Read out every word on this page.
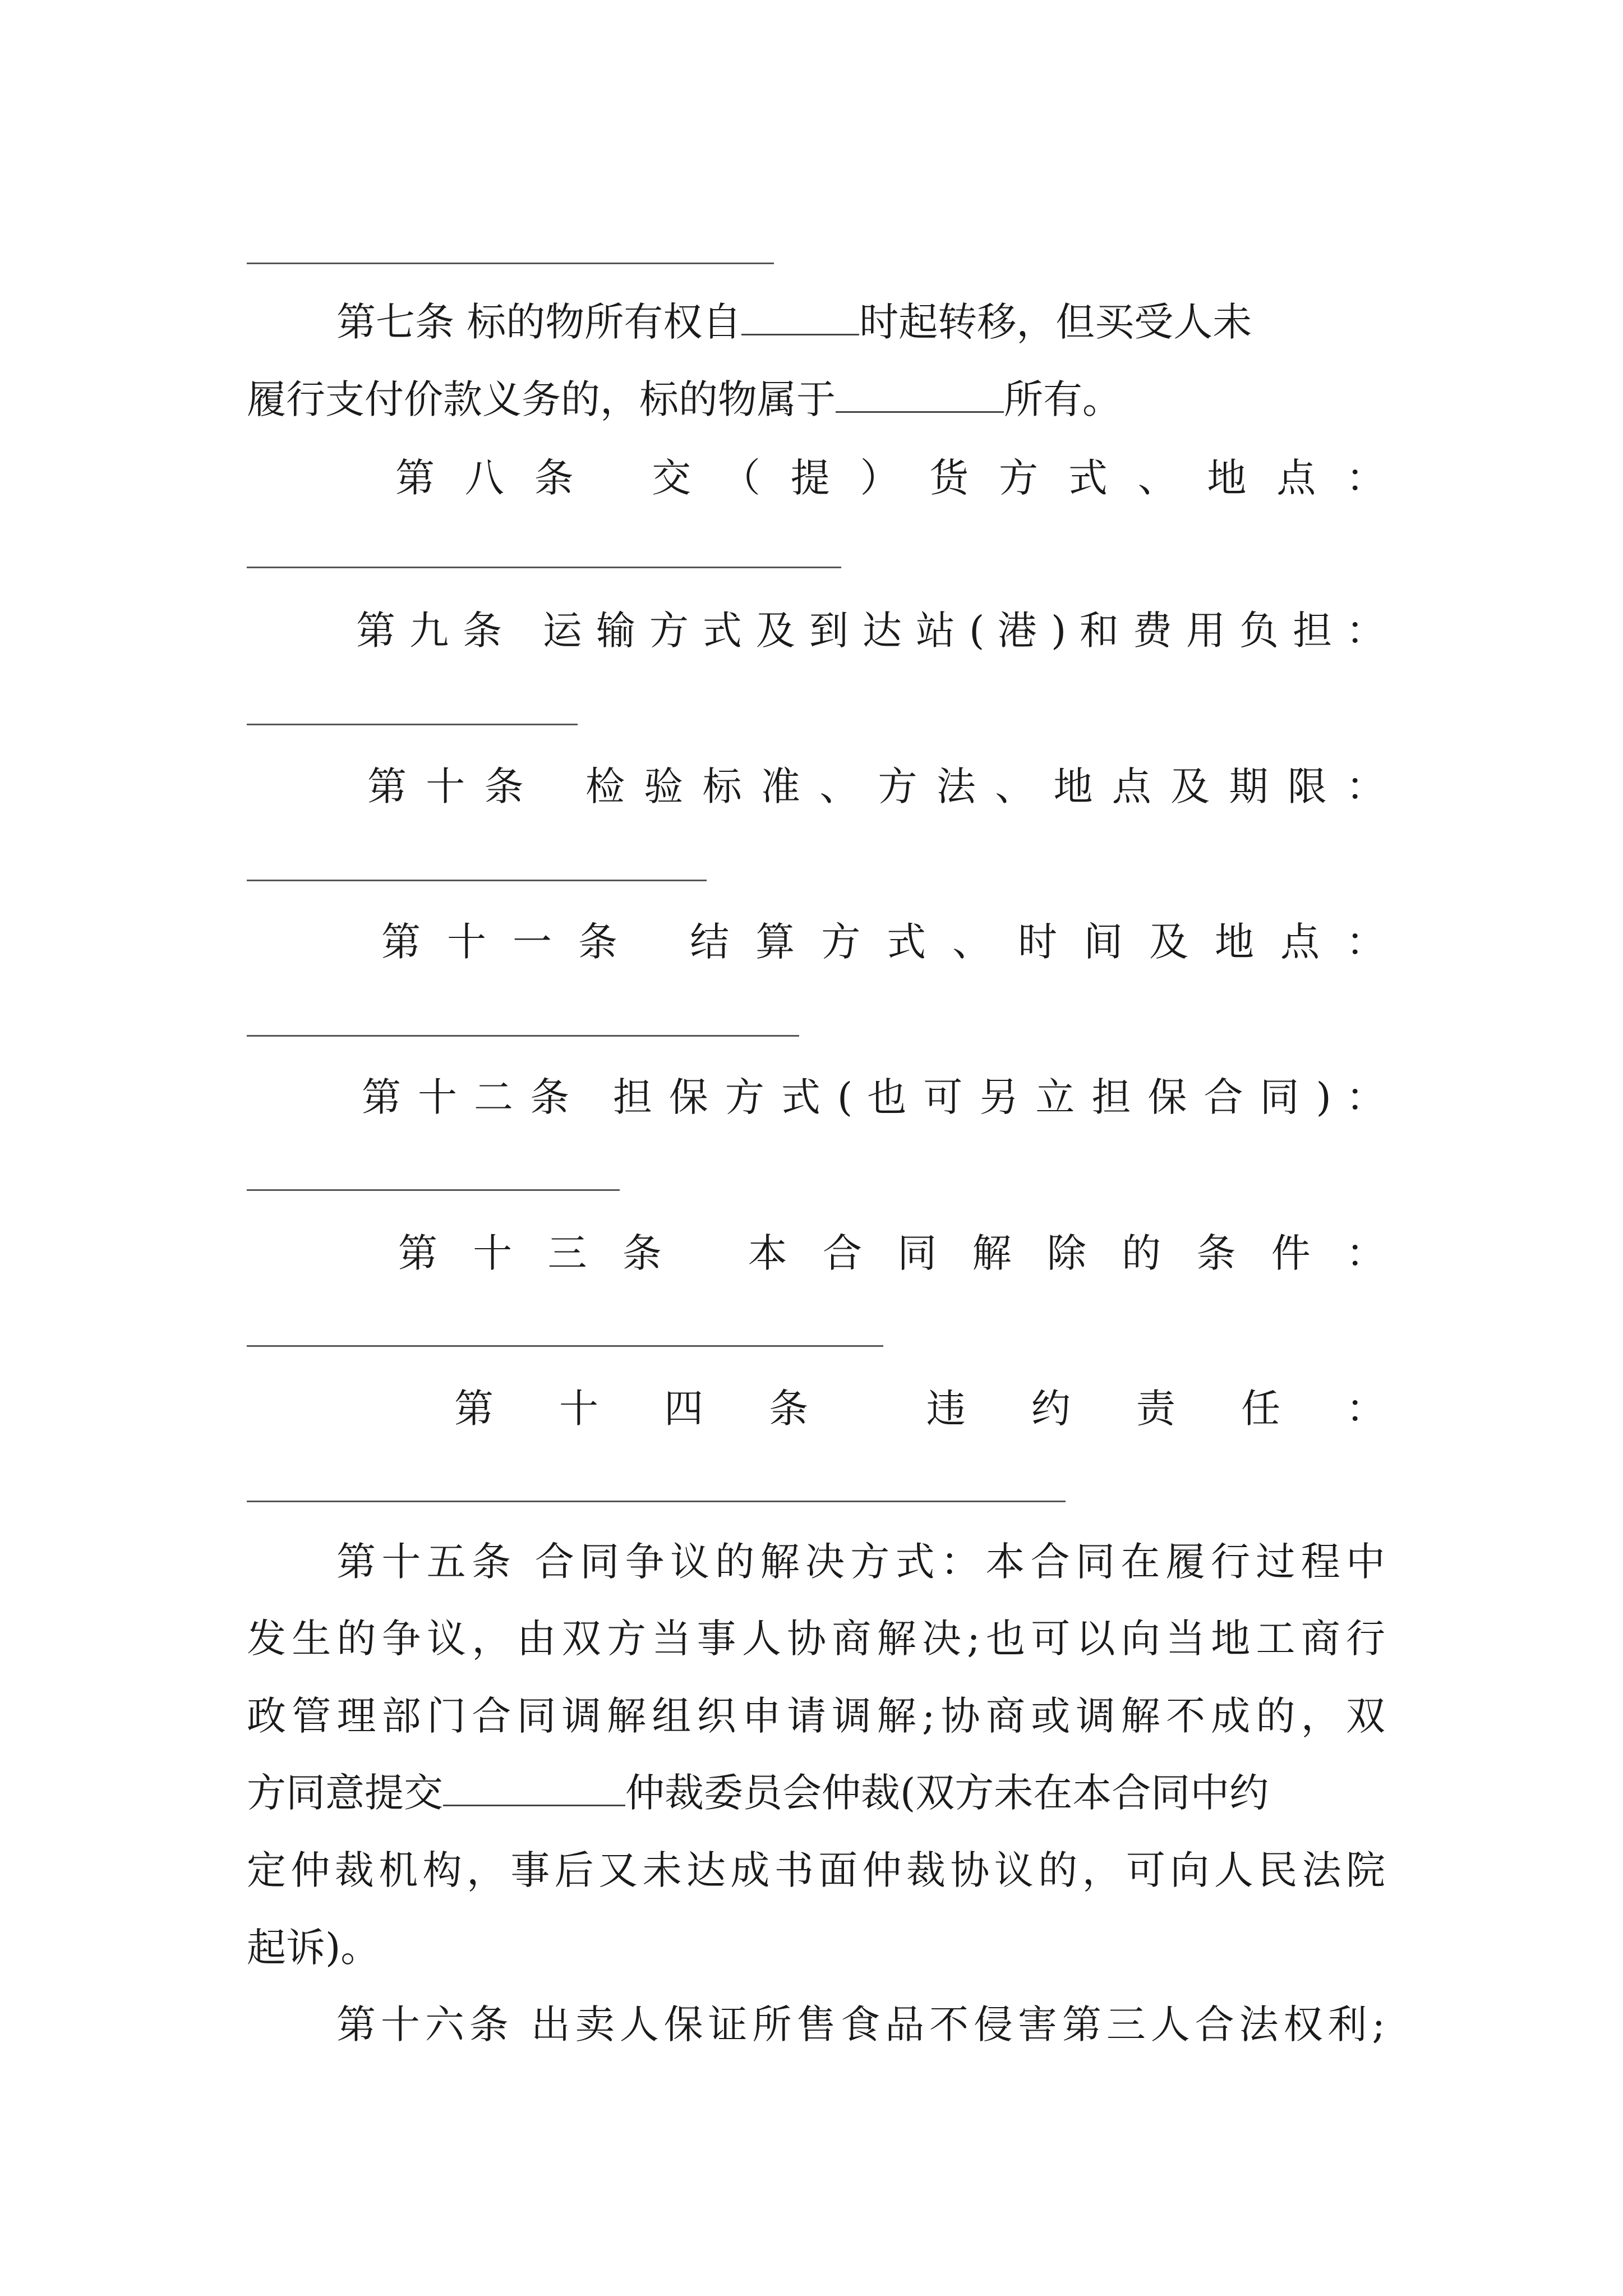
第七条 标的物所有权自	时起转移，但买受人未
履行支付价款义务的，标的物属于	所有。
第 八 条　 交 （ 提 ） 货 方 式 、 地 点 ：
第 九 条　运 输 方 式 及 到 达 站 ( 港 ) 和 费 用 负 担 ：
第 十 条　 检 验 标 准 、 方 法 、 地 点 及 期 限 ：
第 十 一 条　 结 算 方 式 、 时 间 及 地 点 ：
第 十 二 条　担 保 方 式 ( 也 可 另 立 担 保 合 同 ) ：
第 十 三 条　 本 合 同 解 除 的 条 件 ：
第　十　四　条　　违　约　责　任　：
第十五条 合同争议的解决方式：本合同在履行过程中
发生的争议，由双方当事人协商解决;也可以向当地工商行
政管理部门合同调解组织申请调解;协商或调解不成的，双
方同意提交	仲裁委员会仲裁(双方未在本合同中约
定仲裁机构，事后又未达成书面仲裁协议的，可向人民法院
起诉)。
第十六条 出卖人保证所售食品不侵害第三人合法权利;
